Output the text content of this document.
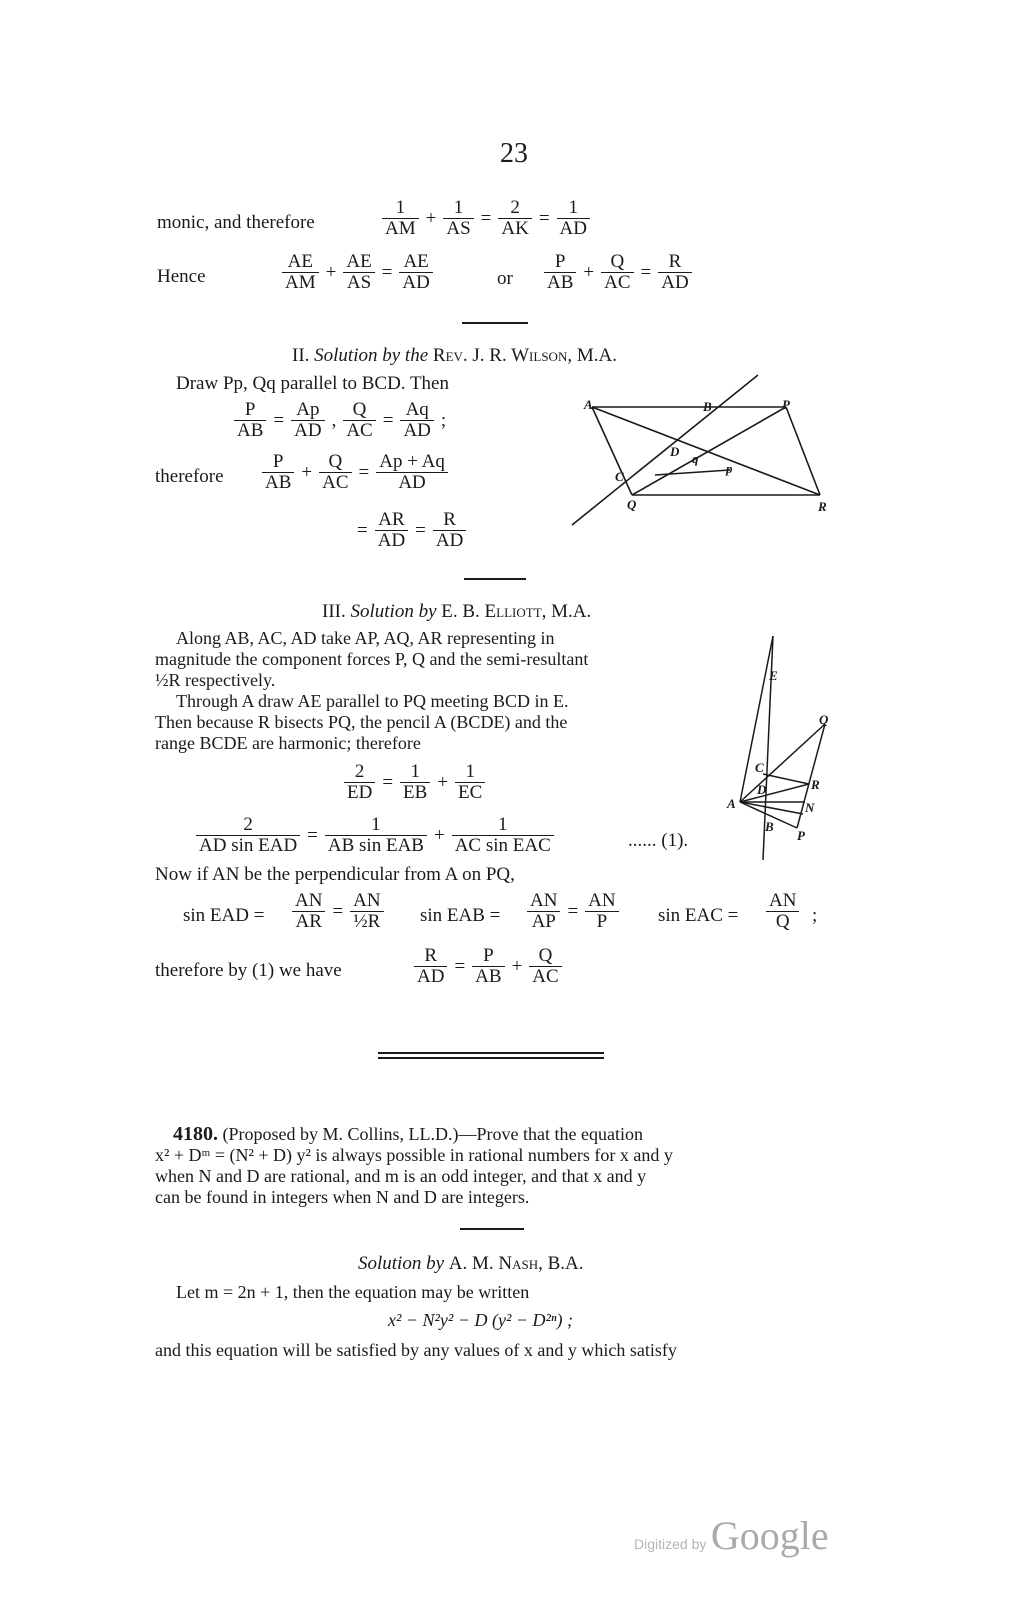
23
monic, and therefore	$\frac{1}{AM} + \frac{1}{AS} = \frac{2}{AK} = \frac{1}{AD}$
Hence	$\frac{AE}{AM} + \frac{AE}{AS} = \frac{AE}{AD}$	or $\frac{P}{AB} + \frac{Q}{AC} = \frac{R}{AD}$
II. Solution by the Rev. J. R. Wilson, M.A.
Draw Pp, Qq parallel to BCD. Then
$\frac{P}{AB} = \frac{Ap}{AD}$ , $\frac{Q}{AC} = \frac{Aq}{AD}$ ;
therefore $\frac{P}{AB} + \frac{Q}{AC} = \frac{Ap + Aq}{AD}$
= $\frac{AR}{AD} = \frac{R}{AD}$
A	B	P
D q
p
C
Q	R
III. Solution by E. B. Elliott, M.A.
Along AB, AC, AD take AP, AQ, AR representing in
magnitude the component forces P, Q and the semi-resultant
½R respectively.
Through A draw AE parallel to PQ meeting BCD in E.
Then because R bisects PQ, the pencil A (BCDE) and the
range BCDE are harmonic; therefore
$\frac{2}{ED} = \frac{1}{EB} + \frac{1}{EC}$
2
AD sin EAD =	1
AB sin EAB +	1
AC sin EAC	...... (1).
Now if AN be the perpendicular from A on PQ,
sin EAD = $\frac{AN}{AR} = \frac{AN}{\text{½R}}$ sin EAB = $\frac{AN}{AP} = \frac{AN}{P}$ sin EAC = $\frac{AN}{Q}$ ;
therefore by (1) we have	$\frac{R}{AD} = \frac{P}{AB} + \frac{Q}{AC}$
E
Q
C
D	R
A	N
B
P
4180. (Proposed by M. Collins, LL.D.)—Prove that the equation
x² + Dᵐ = (N² + D) y² is always possible in rational numbers for x and y
when N and D are rational, and m is an odd integer, and that x and y
can be found in integers when N and D are integers.
Solution by A. M. Nash, B.A.
Let m = 2n + 1, then the equation may be written
x² − N²y² − D (y² − D²ⁿ) ;
and this equation will be satisfied by any values of x and y which satisfy
Digitized by Google
